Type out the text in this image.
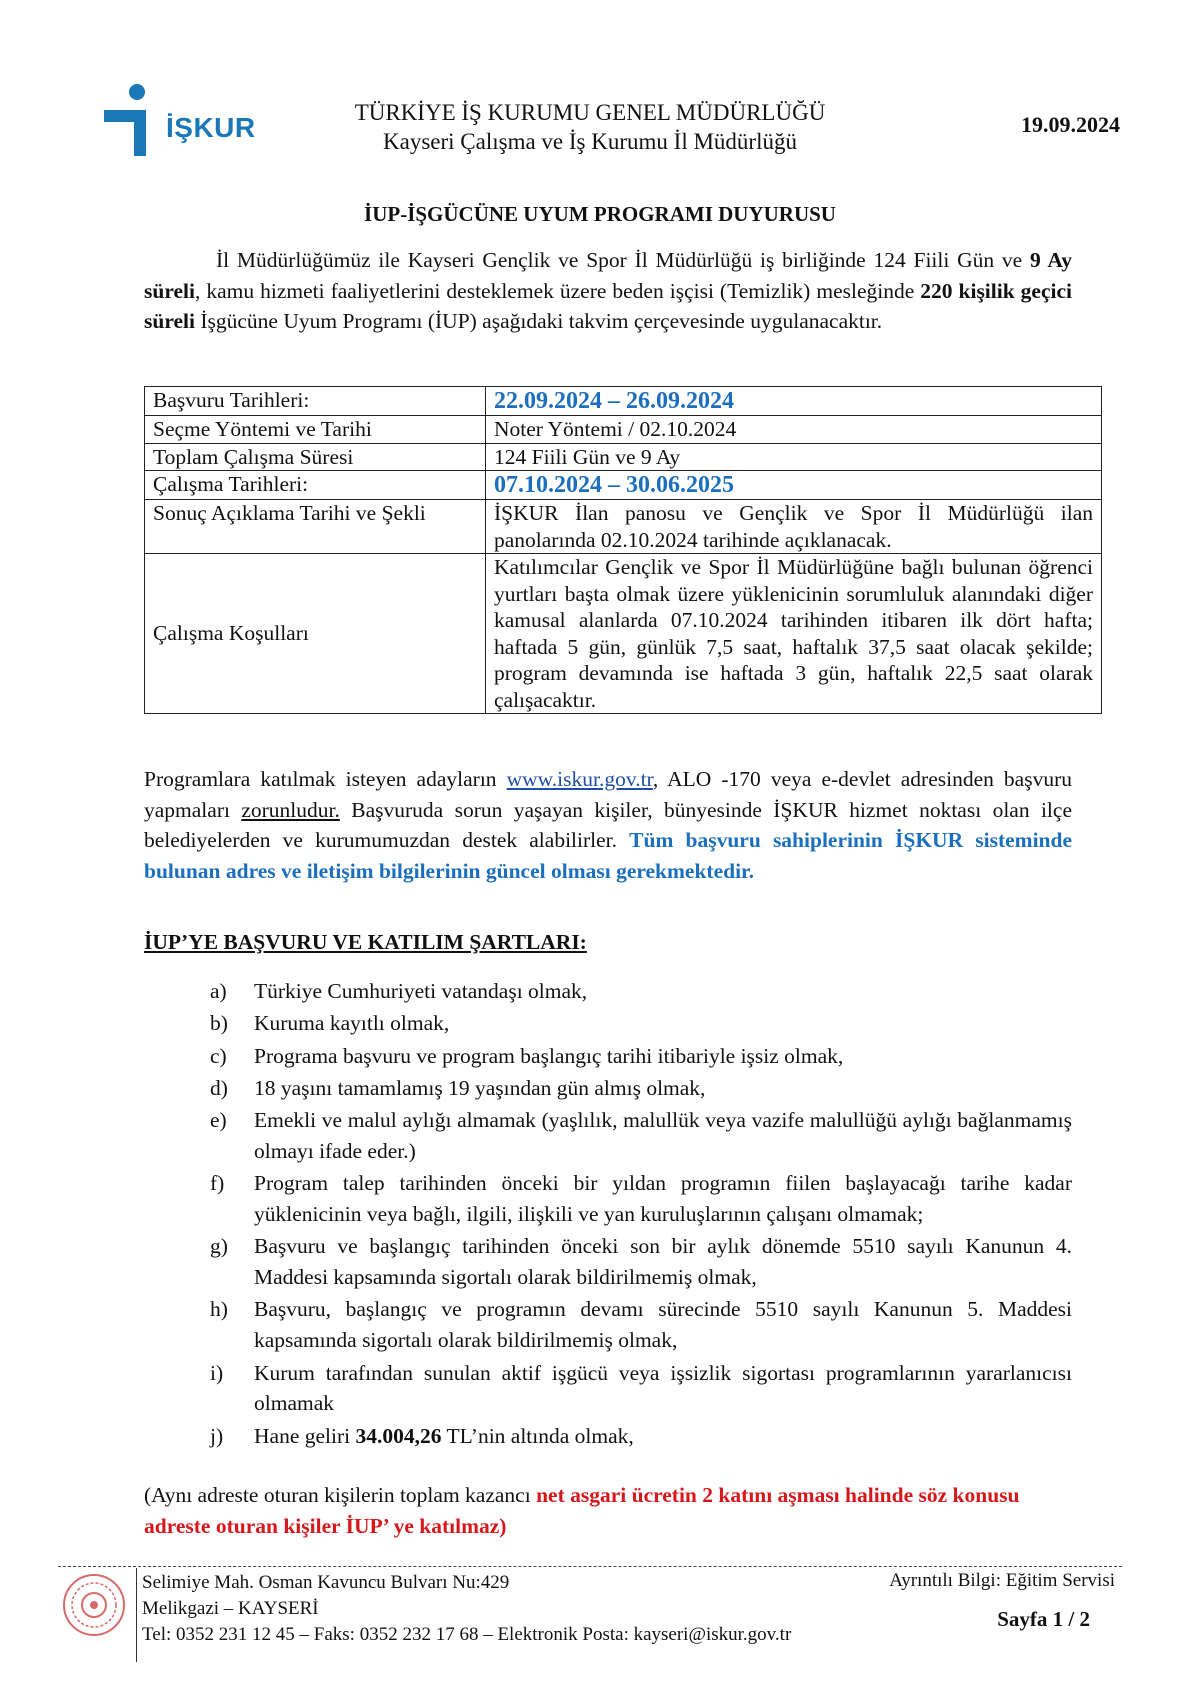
İŞKUR	TÜRKİYE İŞ KURUMU GENEL MÜDÜRLÜĞÜ
Kayseri Çalışma ve İş Kurumu İl Müdürlüğü
19.09.2024
İUP-İŞGÜCÜNE UYUM PROGRAMI DUYURUSU

İl Müdürlüğümüz ile Kayseri Gençlik ve Spor İl Müdürlüğü iş birliğinde 124 Fiili Gün ve 9 Ay süreli, kamu hizmeti faaliyetlerini desteklemek üzere beden işçisi (Temizlik) mesleğinde 220 kişilik geçici süreli İşgücüne Uyum Programı (İUP) aşağıdaki takvim çerçevesinde uygulanacaktır.

Başvuru Tarihleri:	22.09.2024 – 26.09.2024
Seçme Yöntemi ve Tarihi	Noter Yöntemi / 02.10.2024
Toplam Çalışma Süresi	124 Fiili Gün ve 9 Ay
Çalışma Tarihleri:	07.10.2024 – 30.06.2025
Sonuç Açıklama Tarihi ve Şekli	İŞKUR İlan panosu ve Gençlik ve Spor İl Müdürlüğü ilan panolarında 02.10.2024 tarihinde açıklanacak.
Çalışma Koşulları	Katılımcılar Gençlik ve Spor İl Müdürlüğüne bağlı bulunan öğrenci yurtları başta olmak üzere yüklenicinin sorumluluk alanındaki diğer kamusal alanlarda 07.10.2024 tarihinden itibaren ilk dört hafta; haftada 5 gün, günlük 7,5 saat, haftalık 37,5 saat olacak şekilde; program devamında ise haftada 3 gün, haftalık 22,5 saat olarak çalışacaktır.
Programlara katılmak isteyen adayların www.iskur.gov.tr, ALO -170 veya e-devlet adresinden başvuru yapmaları zorunludur. Başvuruda sorun yaşayan kişiler, bünyesinde İŞKUR hizmet noktası olan ilçe belediyelerden ve kurumumuzdan destek alabilirler. Tüm başvuru sahiplerinin İŞKUR sisteminde bulunan adres ve iletişim bilgilerinin güncel olması gerekmektedir.
İUP’YE BAŞVURU VE KATILIM ŞARTLARI:
a) Türkiye Cumhuriyeti vatandaşı olmak,
b) Kuruma kayıtlı olmak,
c) Programa başvuru ve program başlangıç tarihi itibariyle işsiz olmak,
d) 18 yaşını tamamlamış 19 yaşından gün almış olmak,
e) Emekli ve malul aylığı almamak (yaşlılık, malullük veya vazife malullüğü aylığı bağlanmamış olmayı ifade eder.)
f) Program talep tarihinden önceki bir yıldan programın fiilen başlayacağı tarihe kadar yüklenicinin veya bağlı, ilgili, ilişkili ve yan kuruluşlarının çalışanı olmamak;
g) Başvuru ve başlangıç tarihinden önceki son bir aylık dönemde 5510 sayılı Kanunun 4. Maddesi kapsamında sigortalı olarak bildirilmemiş olmak,
h) Başvuru, başlangıç ve programın devamı sürecinde 5510 sayılı Kanunun 5. Maddesi kapsamında sigortalı olarak bildirilmemiş olmak,
i) Kurum tarafından sunulan aktif işgücü veya işsizlik sigortası programlarının yararlanıcısı olmamak
j) Hane geliri 34.004,26 TL’nin altında olmak,
(Aynı adreste oturan kişilerin toplam kazancı net asgari ücretin 2 katını aşması halinde söz konusu adreste oturan kişiler İUP’ ye katılmaz)
Selimiye Mah. Osman Kavuncu Bulvarı Nu:429
Melikgazi – KAYSERİ
Tel: 0352 231 12 45 – Faks: 0352 232 17 68 – Elektronik Posta: kayseri@iskur.gov.tr
Ayrıntılı Bilgi: Eğitim Servisi
Sayfa 1 / 2
